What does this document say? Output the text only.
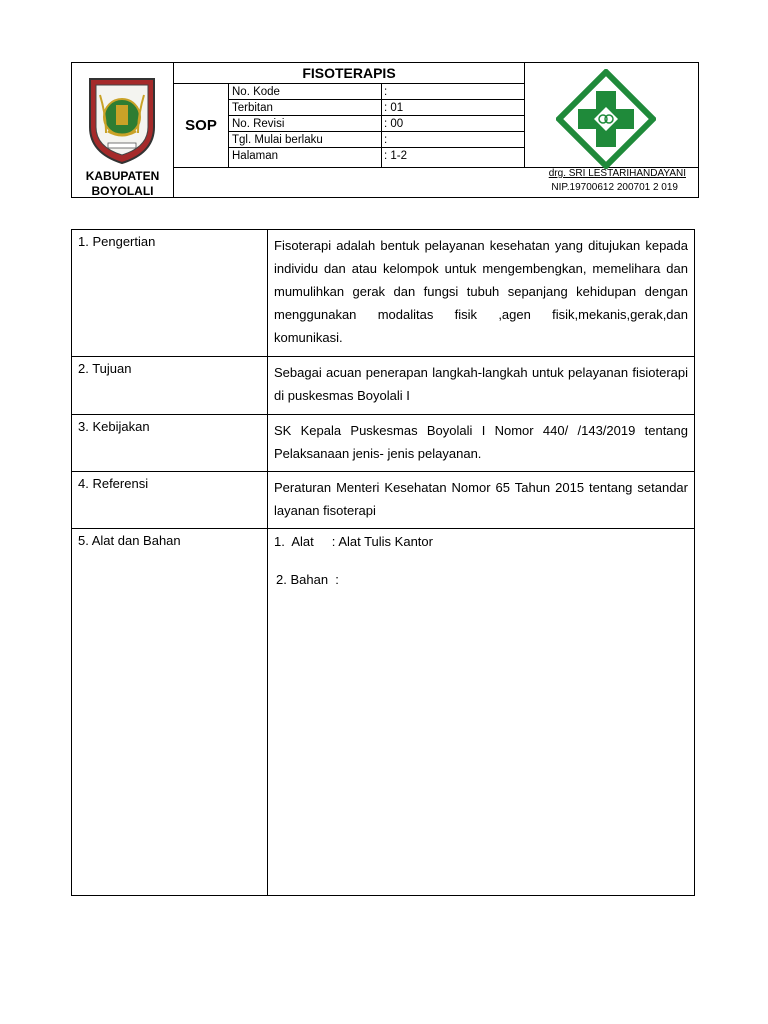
KABUPATEN
BOYOLALI
FISOTERAPIS
SOP
No. Kode	:
Terbitan	: 01
No. Revisi	: 00
Tgl. Mulai berlaku	:
Halaman	: 1-2
drg. SRI LESTARIHANDAYANI
NIP.19700612 200701 2 019
1. Pengertian	Fisoterapi adalah bentuk pelayanan kesehatan yang ditujukan kepada individu dan atau kelompok untuk mengembengkan, memelihara dan mumulihkan gerak dan fungsi tubuh sepanjang kehidupan dengan menggunakan modalitas fisik ,agen fisik,mekanis,gerak,dan komunikasi.
2. Tujuan	Sebagai acuan penerapan langkah-langkah untuk pelayanan fisioterapi di puskesmas Boyolali I
3. Kebijakan	SK Kepala Puskesmas Boyolali I Nomor 440/ /143/2019 tentang Pelaksanaan jenis- jenis pelayanan.
4. Referensi	Peraturan Menteri Kesehatan Nomor 65 Tahun 2015 tentang setandar layanan fisoterapi
5. Alat dan Bahan	1.  Alat     : Alat Tulis Kantor
2. Bahan  :
